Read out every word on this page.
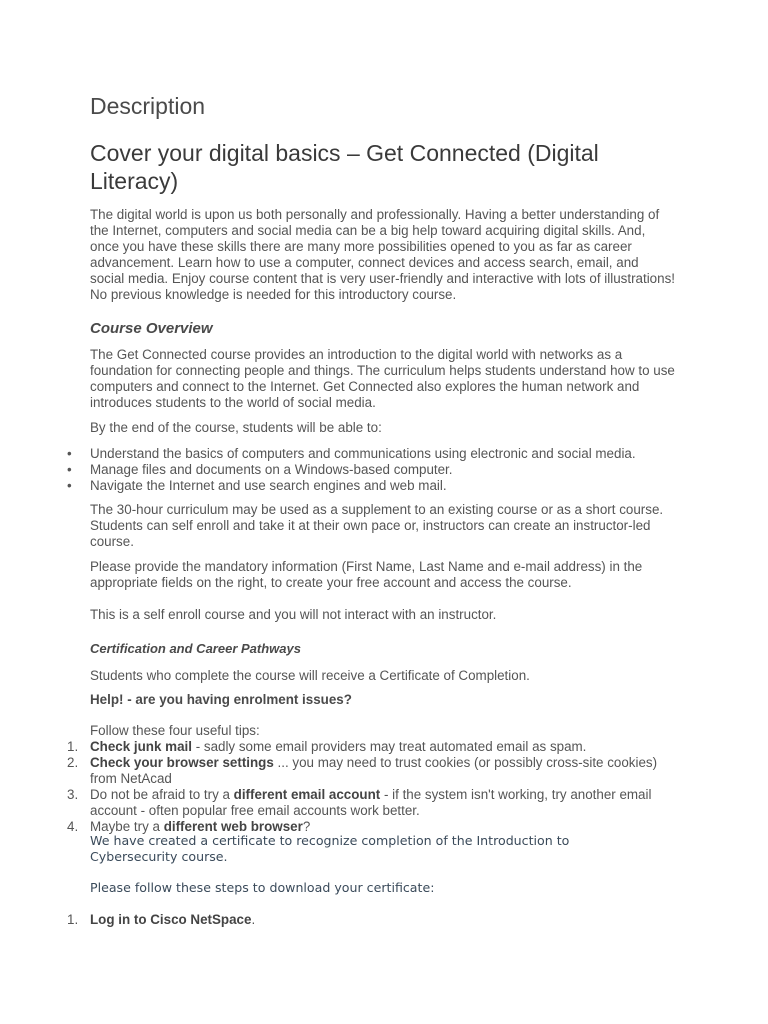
Description
Cover your digital basics – Get Connected (Digital Literacy)

The digital world is upon us both personally and professionally. Having a better understanding of the Internet, computers and social media can be a big help toward acquiring digital skills. And, once you have these skills there are many more possibilities opened to you as far as career advancement. Learn how to use a computer, connect devices and access search, email, and social media. Enjoy course content that is very user-friendly and interactive with lots of illustrations! No previous knowledge is needed for this introductory course.

Course Overview

The Get Connected course provides an introduction to the digital world with networks as a foundation for connecting people and things. The curriculum helps students understand how to use computers and connect to the Internet. Get Connected also explores the human network and introduces students to the world of social media.

By the end of the course, students will be able to:

• Understand the basics of computers and communications using electronic and social media.
• Manage files and documents on a Windows-based computer.
• Navigate the Internet and use search engines and web mail.

The 30-hour curriculum may be used as a supplement to an existing course or as a short course. Students can self enroll and take it at their own pace or, instructors can create an instructor-led course.

Please provide the mandatory information (First Name, Last Name and e-mail address) in the appropriate fields on the right, to create your free account and access the course.

This is a self enroll course and you will not interact with an instructor.

Certification and Career Pathways

Students who complete the course will receive a Certificate of Completion.

Help! - are you having enrolment issues?

Follow these four useful tips:

1. Check junk mail - sadly some email providers may treat automated email as spam.
2. Check your browser settings ... you may need to trust cookies (or possibly cross-site cookies) from NetAcad
3. Do not be afraid to try a different email account - if the system isn't working, try another email account - often popular free email accounts work better.
4. Maybe try a different web browser?

We have created a certificate to recognize completion of the Introduction to Cybersecurity course.

Please follow these steps to download your certificate:

1. Log in to Cisco NetSpace.
